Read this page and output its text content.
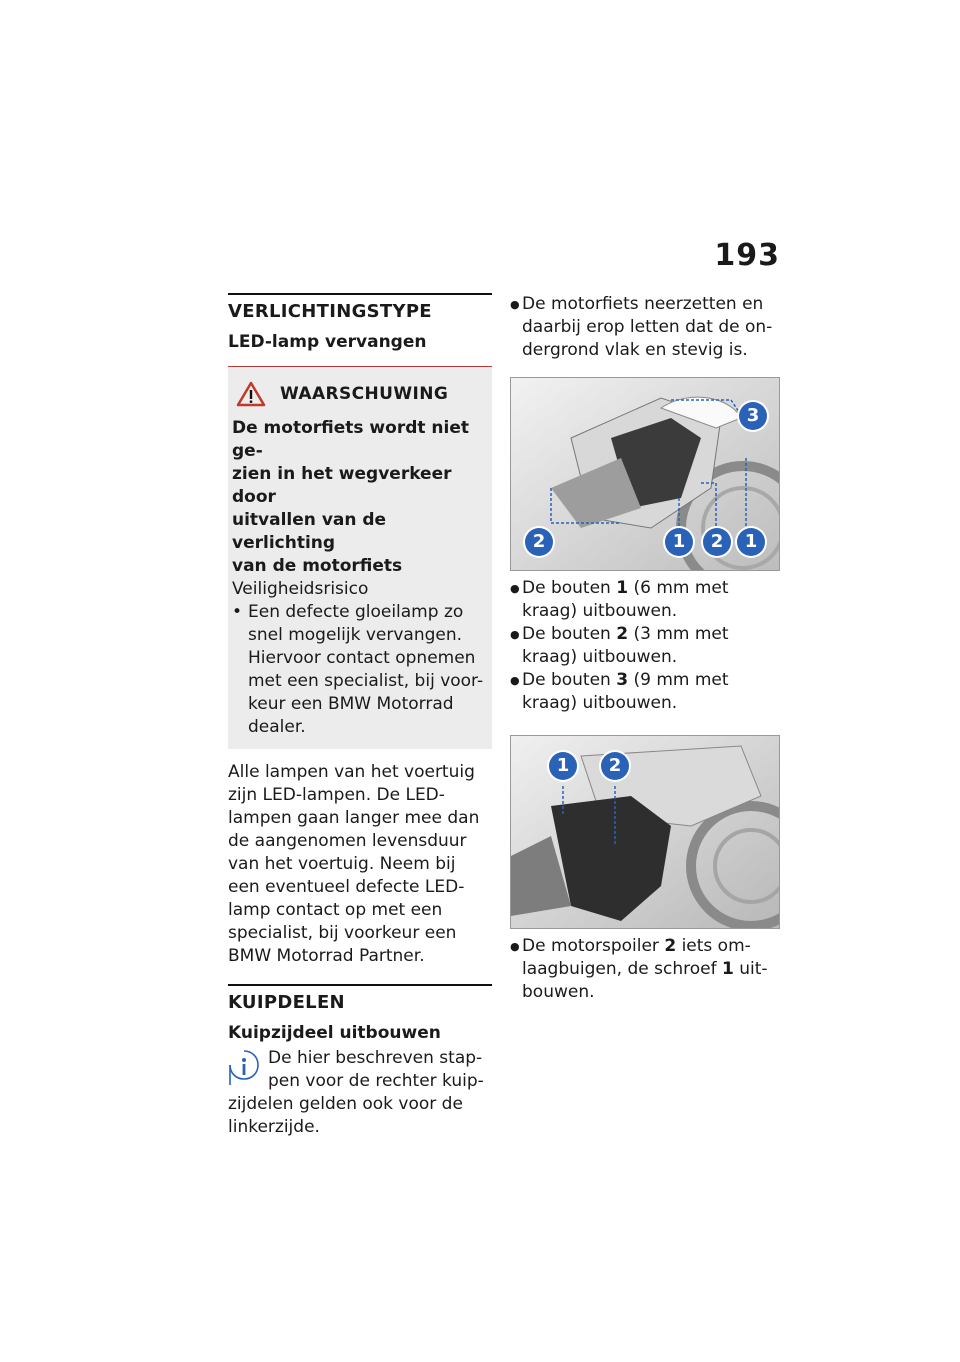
193
VERLICHTINGSTYPE
LED-lamp vervangen
WAARSCHUWING
De motorfiets wordt niet ge-
zien in het wegverkeer door
uitvallen van de verlichting
van de motorfiets

Veiligheidsrisico

• Een defecte gloeilamp zo
snel mogelijk vervangen.
Hiervoor contact opnemen
met een specialist, bij voor-
keur een BMW Motorrad
dealer.

Alle lampen van het voertuig

zijn LED-lampen. De LED-

lampen gaan langer mee dan

de aangenomen levensduur

van het voertuig. Neem bij

een eventueel defecte LED-

lamp contact op met een

specialist, bij voorkeur een

BMW Motorrad Partner.

KUIPDELEN
Kuipzijdeel uitbouwen

De hier beschreven stap-

pen voor de rechter kuip-

zijdelen gelden ook voor de

linkerzijde.

● De motorfiets neerzetten en
daarbij erop letten dat de on-
dergrond vlak en stevig is.
3
2	1	2	1
● De bouten 1 (6 mm met
kraag) uitbouwen.
● De bouten 2 (3 mm met
kraag) uitbouwen.
● De bouten 3 (9 mm met
kraag) uitbouwen.
1	2
● De motorspoiler 2 iets om-
laagbuigen, de schroef 1 uit-
bouwen.
